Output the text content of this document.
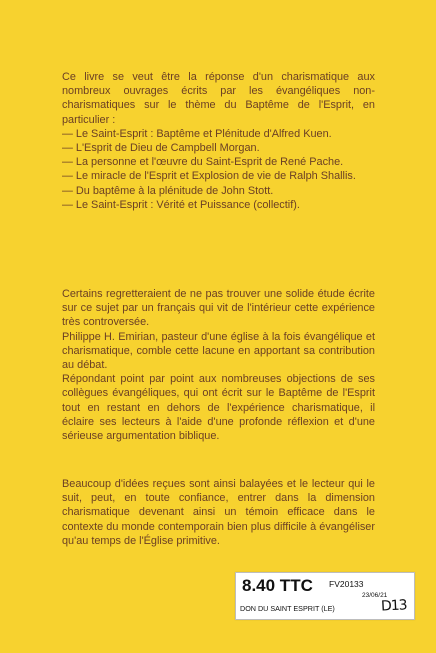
Ce livre se veut être la réponse d'un charismatique aux nombreux ouvrages écrits par les évangéliques non-charismatiques sur le thème du Baptême de l'Esprit, en particulier :

— Le Saint-Esprit : Baptême et Plénitude d'Alfred Kuen.
— L'Esprit de Dieu de Campbell Morgan.
— La personne et l'œuvre du Saint-Esprit de René Pache.
— Le miracle de l'Esprit et Explosion de vie de Ralph Shallis.
— Du baptême à la plénitude de John Stott.
— Le Saint-Esprit : Vérité et Puissance (collectif).

Certains regretteraient de ne pas trouver une solide étude écrite sur ce sujet par un français qui vit de l'intérieur cette expérience très controversée.

Philippe H. Emirian, pasteur d'une église à la fois évangélique et charismatique, comble cette lacune en apportant sa contribution au débat.

Répondant point par point aux nombreuses objections de ses collègues évangéliques, qui ont écrit sur le Baptême de l'Esprit tout en restant en dehors de l'expérience charismatique, il éclaire ses lecteurs à l'aide d'une profonde réflexion et d'une sérieuse argumentation biblique.

Beaucoup d'idées reçues sont ainsi balayées et le lecteur qui le suit, peut, en toute confiance, entrer dans la dimension charismatique devenant ainsi un témoin efficace dans le contexte du monde contemporain bien plus difficile à évangéliser qu'au temps de l'Église primitive.

8.40 TTC FV20133
23/06/21
DON DU SAINT ESPRIT (LE)	D13
